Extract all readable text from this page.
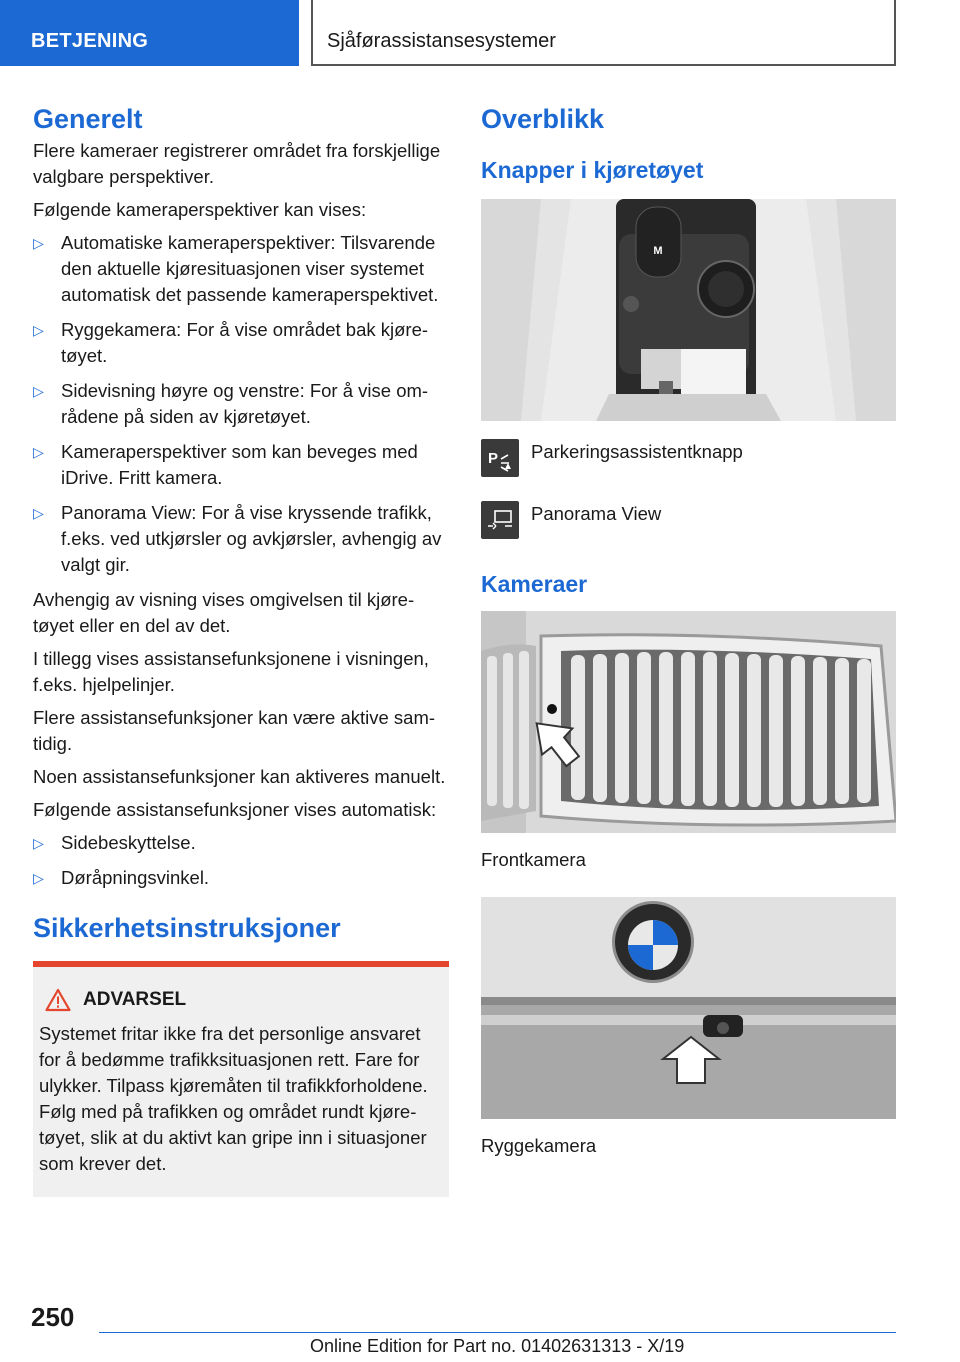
BETJENING	Sjåførassistansesystemer
Generelt

Flere kameraer registrerer området fra forskjellige valgbare perspektiver.

Følgende kameraperspektiver kan vises:

▷ Automatiske kameraperspektiver: Tilsvarende den aktuelle kjøresituasjonen viser systemet automatisk det passende kameraperspektivet.
▷ Ryggekamera: For å vise området bak kjøretøyet.
▷ Sidevisning høyre og venstre: For å vise områdene på siden av kjøretøyet.
▷ Kameraperspektiver som kan beveges med iDrive. Fritt kamera.
▷ Panorama View: For å vise kryssende trafikk, f.eks. ved utkjørsler og avkjørsler, avhengig av valgt gir.

Avhengig av visning vises omgivelsen til kjøretøyet eller en del av det.

I tillegg vises assistansefunksjonene i visningen, f.eks. hjelpelinjer.

Flere assistansefunksjoner kan være aktive samtidig.

Noen assistansefunksjoner kan aktiveres manuelt.

Følgende assistansefunksjoner vises automatisk:

▷ Sidebeskyttelse.
▷ Døråpningsvinkel.
Sikkerhetsinstruksjoner
ADVARSEL

Systemet fritar ikke fra det personlige ansvaret for å bedømme trafikksituasjonen rett. Fare for ulykker. Tilpass kjøremåten til trafikkforholdene. Følg med på trafikken og området rundt kjøretøyet, slik at du aktivt kan gripe inn i situasjoner som krever det.

Overblikk
Knapper i kjøretøyet
M
P Parkeringsassistentknapp
Panorama View
Kameraer
Frontkamera
Ryggekamera
250
Online Edition for Part no. 01402631313 - X/19
